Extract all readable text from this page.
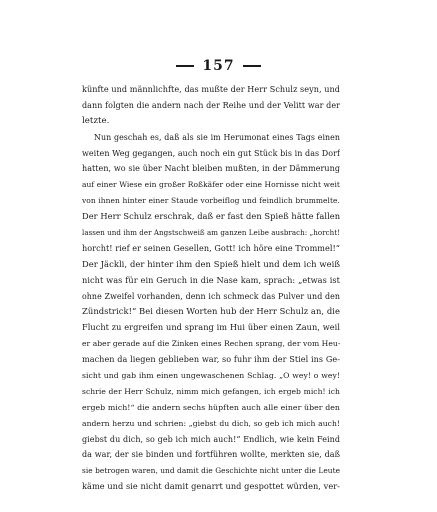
157
künfte und männlichfte, das mußte der Herr Schulz seyn, und
dann folgten die andern nach der Reihe und der Velitt war der
letzte.
Nun geschah es, daß als sie im Herumonat eines Tags einen
weiten Weg gegangen, auch noch ein gut Stück bis in das Dorf
hatten, wo sie über Nacht bleiben mußten, in der Dämmerung
auf einer Wiese ein großer Roßkäfer oder eine Hornisse nicht weit
von ihnen hinter einer Staude vorbeiflog und feindlich brummelte.
Der Herr Schulz erschrak, daß er fast den Spieß hätte fallen
lassen und ihm der Angstschweiß am ganzen Leibe ausbrach: „horcht!
horcht! rief er seinen Gesellen, Gott! ich höre eine Trommel!“
Der Jäckli, der hinter ihm den Spieß hielt und dem ich weiß
nicht was für ein Geruch in die Nase kam, sprach: „etwas ist
ohne Zweifel vorhanden, denn ich schmeck das Pulver und den
Zündstrick!“ Bei diesen Worten hub der Herr Schulz an, die
Flucht zu ergreifen und sprang im Hui über einen Zaun, weil
er aber gerade auf die Zinken eines Rechen sprang, der vom Heu-
machen da liegen geblieben war, so fuhr ihm der Stiel ins Ge-
sicht und gab ihm einen ungewaschenen Schlag. „O wey! o wey!
schrie der Herr Schulz, nimm mich gefangen, ich ergeb mich! ich
ergeb mich!“ die andern sechs hüpften auch alle einer über den
andern herzu und schrien: „giebst du dich, so geb ich mich auch!
giebst du dich, so geb ich mich auch!“ Endlich, wie kein Feind
da war, der sie binden und fortführen wollte, merkten sie, daß
sie betrogen waren, und damit die Geschichte nicht unter die Leute
käme und sie nicht damit genarrt und gespottet würden, ver-
